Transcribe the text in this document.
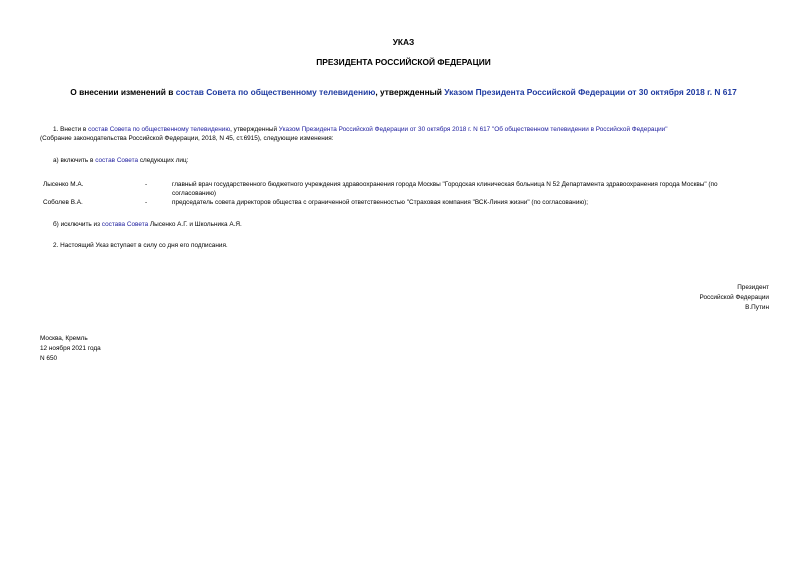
УКАЗ
ПРЕЗИДЕНТА РОССИЙСКОЙ ФЕДЕРАЦИИ
О внесении изменений в состав Совета по общественному телевидению, утвержденный Указом Президента Российской Федерации от 30 октября 2018 г. N 617
1. Внести в состав Совета по общественному телевидению, утвержденный Указом Президента Российской Федерации от 30 октября 2018 г. N 617 "Об общественном телевидении в Российской Федерации"
(Собрание законодательства Российской Федерации, 2018, N 45, ст.6915), следующие изменения:
а) включить в состав Совета следующих лиц:
Лысенко М.А.	-	главный врач государственного бюджетного учреждения здравоохранения города Москвы "Городская клиническая больница N 52 Департамента здравоохранения города Москвы" (по согласованию)
Соболев В.А.	-	председатель совета директоров общества с ограниченной ответственностью "Страховая компания "ВСК-Линия жизни" (по согласованию);
б) исключить из состава Совета Лысенко А.Г. и Школьника А.Я.
2. Настоящий Указ вступает в силу со дня его подписания.
Президент
Российской Федерации
В.Путин
Москва, Кремль
12 ноября 2021 года
N 650
